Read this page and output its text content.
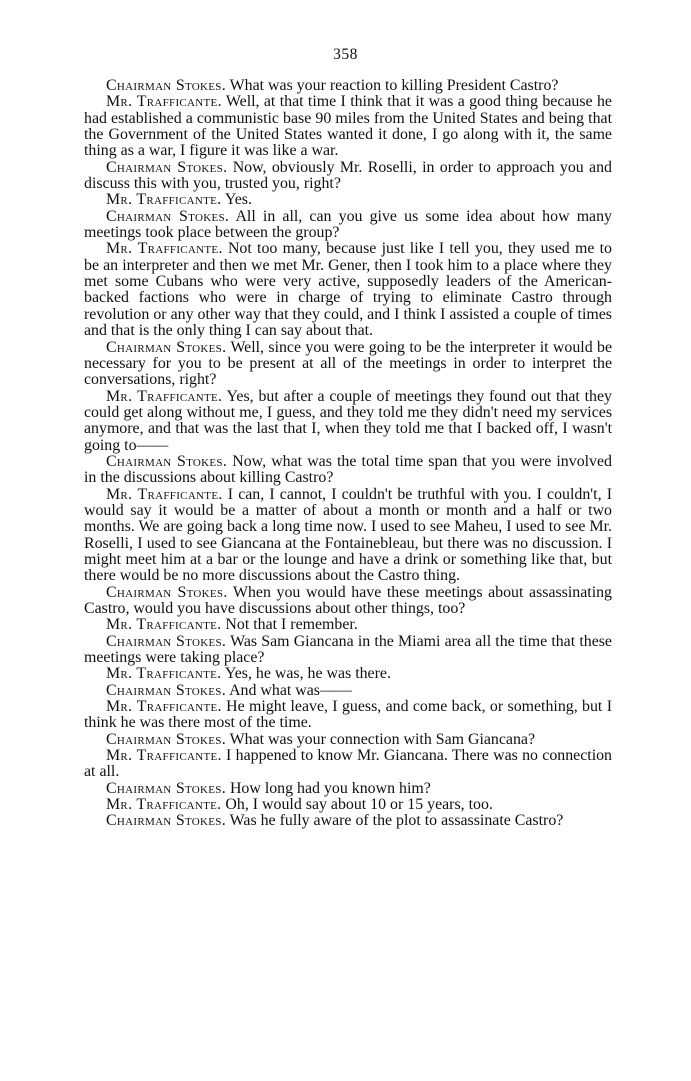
358

Chairman Stokes. What was your reaction to killing President Castro?

Mr. Trafficante. Well, at that time I think that it was a good thing because he had established a communistic base 90 miles from the United States and being that the Government of the United States wanted it done, I go along with it, the same thing as a war, I figure it was like a war.

Chairman Stokes. Now, obviously Mr. Roselli, in order to approach you and discuss this with you, trusted you, right?

Mr. Trafficante. Yes.

Chairman Stokes. All in all, can you give us some idea about how many meetings took place between the group?

Mr. Trafficante. Not too many, because just like I tell you, they used me to be an interpreter and then we met Mr. Gener, then I took him to a place where they met some Cubans who were very active, supposedly leaders of the American-backed factions who were in charge of trying to eliminate Castro through revolution or any other way that they could, and I think I assisted a couple of times and that is the only thing I can say about that.

Chairman Stokes. Well, since you were going to be the interpreter it would be necessary for you to be present at all of the meetings in order to interpret the conversations, right?

Mr. Trafficante. Yes, but after a couple of meetings they found out that they could get along without me, I guess, and they told me they didn't need my services anymore, and that was the last that I, when they told me that I backed off, I wasn't going to——

Chairman Stokes. Now, what was the total time span that you were involved in the discussions about killing Castro?

Mr. Trafficante. I can, I cannot, I couldn't be truthful with you. I couldn't, I would say it would be a matter of about a month or month and a half or two months. We are going back a long time now. I used to see Maheu, I used to see Mr. Roselli, I used to see Giancana at the Fontainebleau, but there was no discussion. I might meet him at a bar or the lounge and have a drink or something like that, but there would be no more discussions about the Castro thing.

Chairman Stokes. When you would have these meetings about assassinating Castro, would you have discussions about other things, too?

Mr. Trafficante. Not that I remember.

Chairman Stokes. Was Sam Giancana in the Miami area all the time that these meetings were taking place?

Mr. Trafficante. Yes, he was, he was there.

Chairman Stokes. And what was——

Mr. Trafficante. He might leave, I guess, and come back, or something, but I think he was there most of the time.

Chairman Stokes. What was your connection with Sam Giancana?

Mr. Trafficante. I happened to know Mr. Giancana. There was no connection at all.

Chairman Stokes. How long had you known him?

Mr. Trafficante. Oh, I would say about 10 or 15 years, too.

Chairman Stokes. Was he fully aware of the plot to assassinate Castro?
